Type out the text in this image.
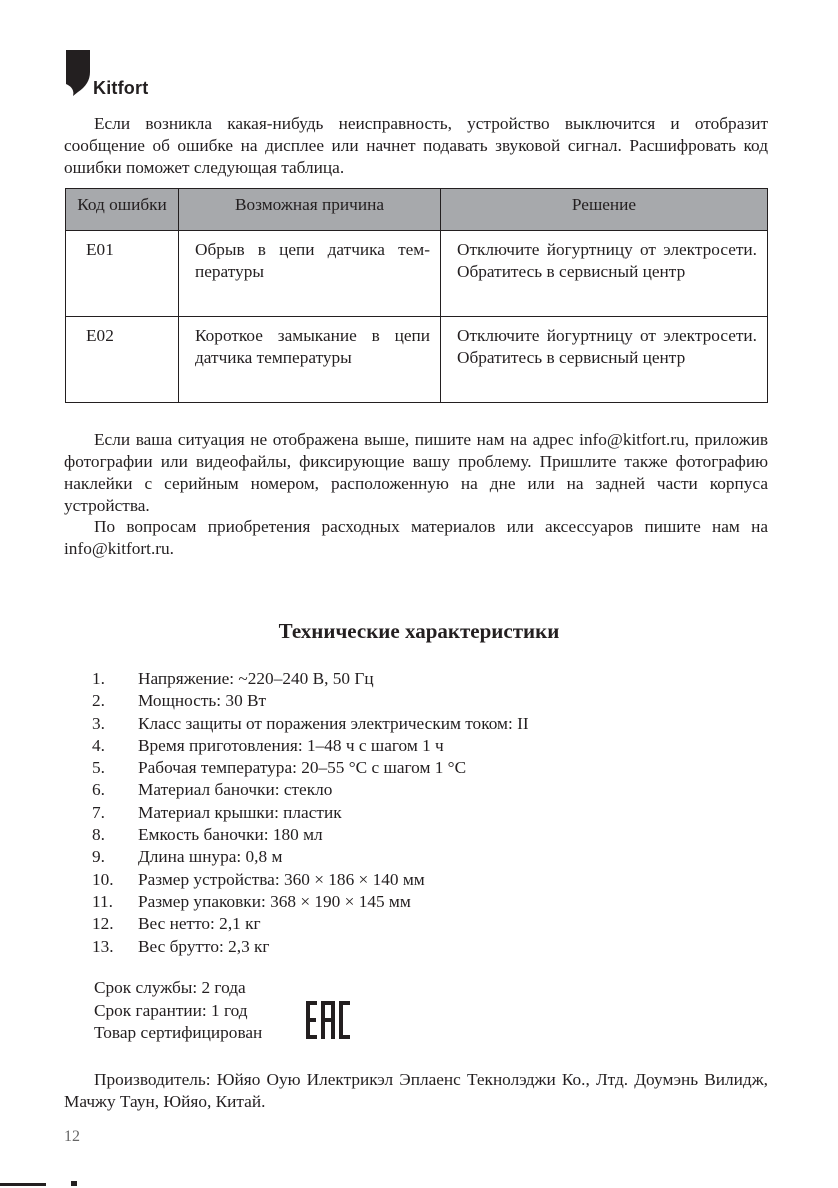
Kitfort

Если возникла какая-нибудь неисправность, устройство выключится и отобразит сообщение об ошибке на дисплее или начнет подавать звуковой сигнал. Расшифровать код ошибки поможет следующая таблица.

Код ошибки	Возможная причина	Решение
E01	Обрыв в цепи датчика температуры	Отключите йогуртницу от электросети. Обратитесь в сервисный центр
E02	Короткое замыкание в цепи датчика температуры	Отключите йогуртницу от электросети. Обратитесь в сервисный центр

Если ваша ситуация не отображена выше, пишите нам на адрес info@kitfort.ru, приложив фотографии или видеофайлы, фиксирующие вашу проблему. Пришлите также фотографию наклейки с серийным номером, расположенную на дне или на задней части корпуса устройства.

По вопросам приобретения расходных материалов или аксессуаров пишите нам на info@kitfort.ru.

Технические характеристики
1. Напряжение: ~220–240 В, 50 Гц
2. Мощность: 30 Вт
3. Класс защиты от поражения электрическим током: II
4. Время приготовления: 1–48 ч с шагом 1 ч
5. Рабочая температура: 20–55 °C с шагом 1 °C
6. Материал баночки: стекло
7. Материал крышки: пластик
8. Емкость баночки: 180 мл
9. Длина шнура: 0,8 м
10. Размер устройства: 360 × 186 × 140 мм
11. Размер упаковки: 368 × 190 × 145 мм
12. Вес нетто: 2,1 кг
13. Вес брутто: 2,3 кг
Срок службы: 2 года
Срок гарантии: 1 год
Товар сертифицирован

Производитель: Юйяо Оую Илектрикэл Эплаенс Текнолэджи Ко., Лтд. Доумэнь Вилидж, Мачжу Таун, Юйяо, Китай.

12
